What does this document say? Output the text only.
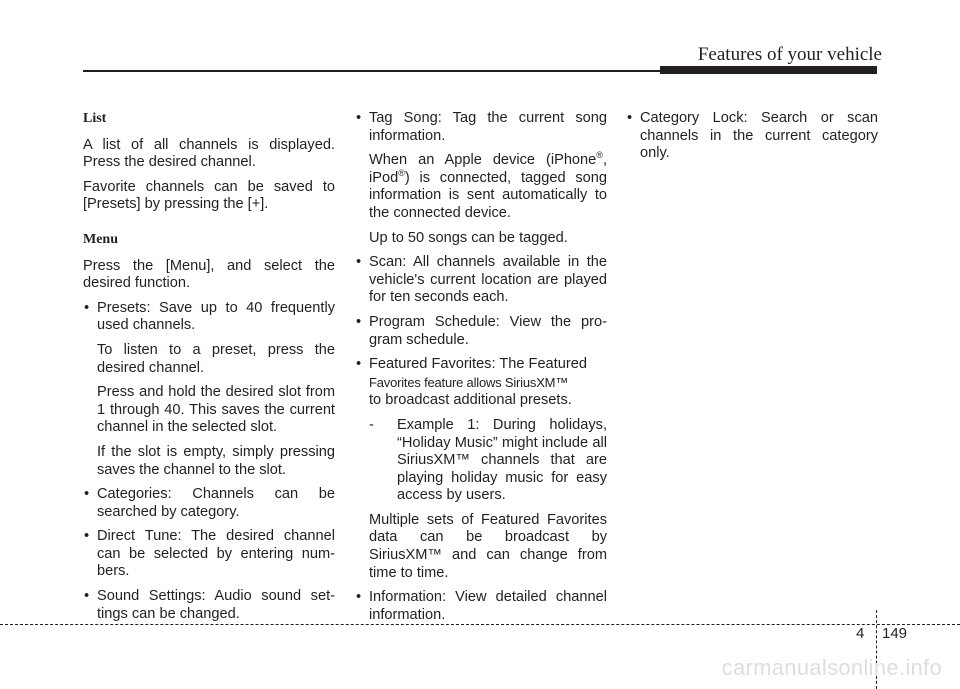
Features of your vehicle
List

A list of all channels is displayed. Press the desired channel.

Favorite channels can be saved to [Presets] by pressing the [+].

Menu

Press the [Menu], and select the desired function.

• Presets: Save up to 40 frequently used channels.
To listen to a preset, press the desired channel.
Press and hold the desired slot from 1 through 40. This saves the current channel in the selected slot.
If the slot is empty, simply pressing saves the channel to the slot.
• Categories: Channels can be searched by category.
• Direct Tune: The desired channel can be selected by entering num-bers.
• Sound Settings: Audio sound set-tings can be changed.
• Tag Song: Tag the current song information.
When an Apple device (iPhone®, iPod®) is connected, tagged song information is sent automatically to the connected device.
Up to 50 songs can be tagged.
• Scan: All channels available in the vehicle's current location are played for ten seconds each.
• Program Schedule: View the pro-gram schedule.
• Featured Favorites: The Featured
Favorites feature allows SiriusXM™
to broadcast additional presets.
- Example 1: During holidays, “Holiday Music” might include all SiriusXM™ channels that are playing holiday music for easy access by users.
Multiple sets of Featured Favorites data can be broadcast by SiriusXM™ and can change from time to time.
• Information: View detailed channel information.
• Category Lock: Search or scan channels in the current category only.
4 149
carmanualsonline.info
